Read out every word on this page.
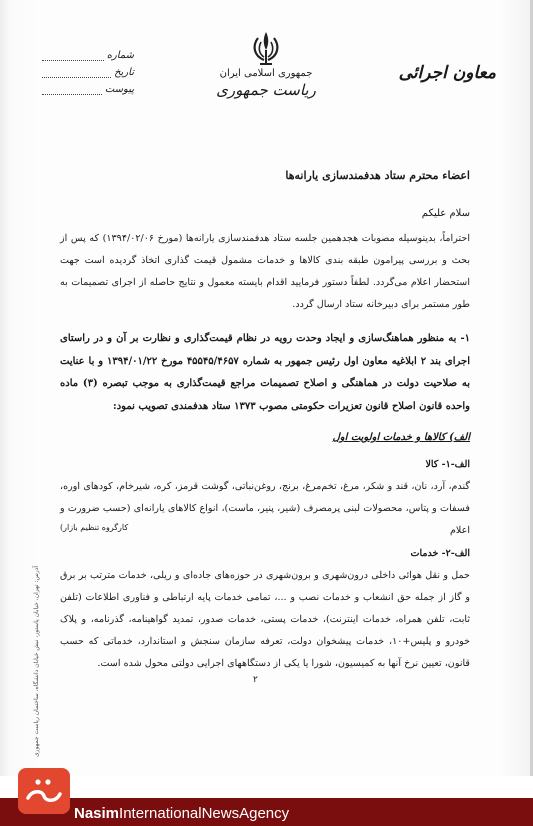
جمهوری اسلامی ایران
ریاست جمهوری
معاون اجرائی
شماره
تاریخ
پیوست
اعضاء محترم ستاد هدفمندسازی یارانه‌ها
سلام علیکم
احتراماً، بدینوسیله مصوبات هجدهمین جلسه ستاد هدفمندسازی یارانه‌ها (مورخ ۱۳۹۴/۰۲/۰۶) که پس از بحث و بررسی پیرامون طبقه بندی کالاها و خدمات مشمول قیمت گذاری اتخاذ گردیده است جهت استحضار اعلام می‌گردد. لطفاً دستور فرمایید اقدام بایسته معمول و نتایج حاصله از اجرای تصمیمات به طور مستمر برای دبیرخانه ستاد ارسال گردد.
۱- به منظور هماهنگ‌سازی و ایجاد وحدت رویه در نظام قیمت‌گذاری و نظارت بر آن و در راستای اجرای بند ۲ ابلاغیه معاون اول رئیس جمهور به شماره ۴۵۵۴۵/۴۶۵۷ مورخ ۱۳۹۴/۰۱/۲۲ و با عنایت به صلاحیت دولت در هماهنگی و اصلاح تصمیمات مراجع قیمت‌گذاری به موجب تبصره (۳) ماده واحده قانون اصلاح قانون تعزیرات حکومتی مصوب ۱۳۷۳ ستاد هدفمندی تصویب نمود:
الف) کالاها و خدمات اولویت اول
الف-۱- کالا
گندم، آرد، نان، قند و شکر، مرغ، تخم‌مرغ، برنج، روغن‌نباتی، گوشت قرمز، کره، شیرخام، کودهای اوره، فسفات و پتاس، محصولات لبنی پرمصرف (شیر، پنیر، ماست)، انواع کالاهای یارانه‌ای (حسب ضرورت و اعلام
کارگروه تنظیم بازار)
الف-۲- خدمات
حمل و نقل هوائی داخلی درون‌شهری و برون‌شهری در حوزه‌های جاده‌ای و ریلی، خدمات مترتب بر برق و گاز از جمله حق انشعاب و خدمات نصب و ...، تمامی خدمات پایه ارتباطی و فناوری اطلاعات (تلفن ثابت، تلفن همراه، خدمات اینترنت)، خدمات پستی، خدمات صدور، تمدید گواهینامه، گذرنامه، و پلاک خودرو و پلیس+۱۰، خدمات پیشخوان دولت، تعرفه سازمان سنجش و استاندارد، خدماتی که حسب قانون، تعیین نرخ آنها به کمیسیون، شورا یا یکی از دستگاههای اجرایی دولتی محول شده است.
۲
آدرس: تهران، خیابان پاستور، نبش خیابان دانشگاه، ساختمان ریاست جمهوری
NasimInternationalNewsAgency
